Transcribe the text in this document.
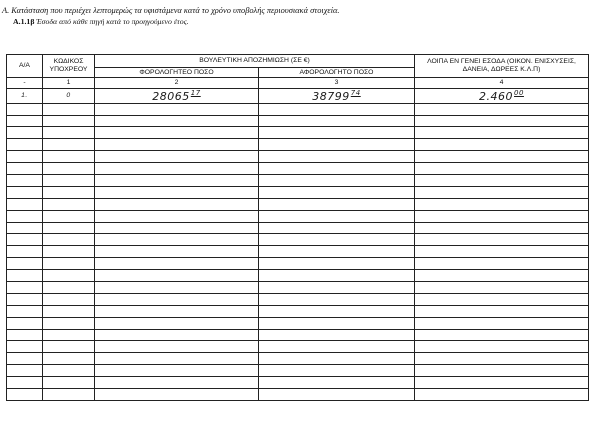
A. Κατάσταση που περιέχει λεπτομερώς τα υφιστάμενα κατά το χρόνο υποβολής περιουσιακά στοιχεία.
A.1.1β Έσοδα από κάθε πηγή κατά το προηγούμενο έτος.
Α/Α	ΚΩΔΙΚΟΣ ΥΠΟΧΡΕΟΥ	ΒΟΥΛΕΥΤΙΚΗ ΑΠΟΖΗΜΙΩΣΗ (ΣΕ €)		ΛΟΙΠΑ ΕΝ ΓΕΝΕΙ ΕΣΟΔΑ (ΟΙΚΟΝ. ΕΝΙΣΧΥΣΕΙΣ, ΔΑΝΕΙΑ, ΔΩΡΕΕΣ Κ.Λ.Π)
		ΦΟΡΟΛΟΓΗΤΕΟ ΠΟΣΟ	ΑΦΟΡΟΛΟΓΗΤΟ ΠΟΣΟ	
-	1	2	3	4
1.	0	28065$^{17}$	38799$^{74}$	2.460$^{00}$
